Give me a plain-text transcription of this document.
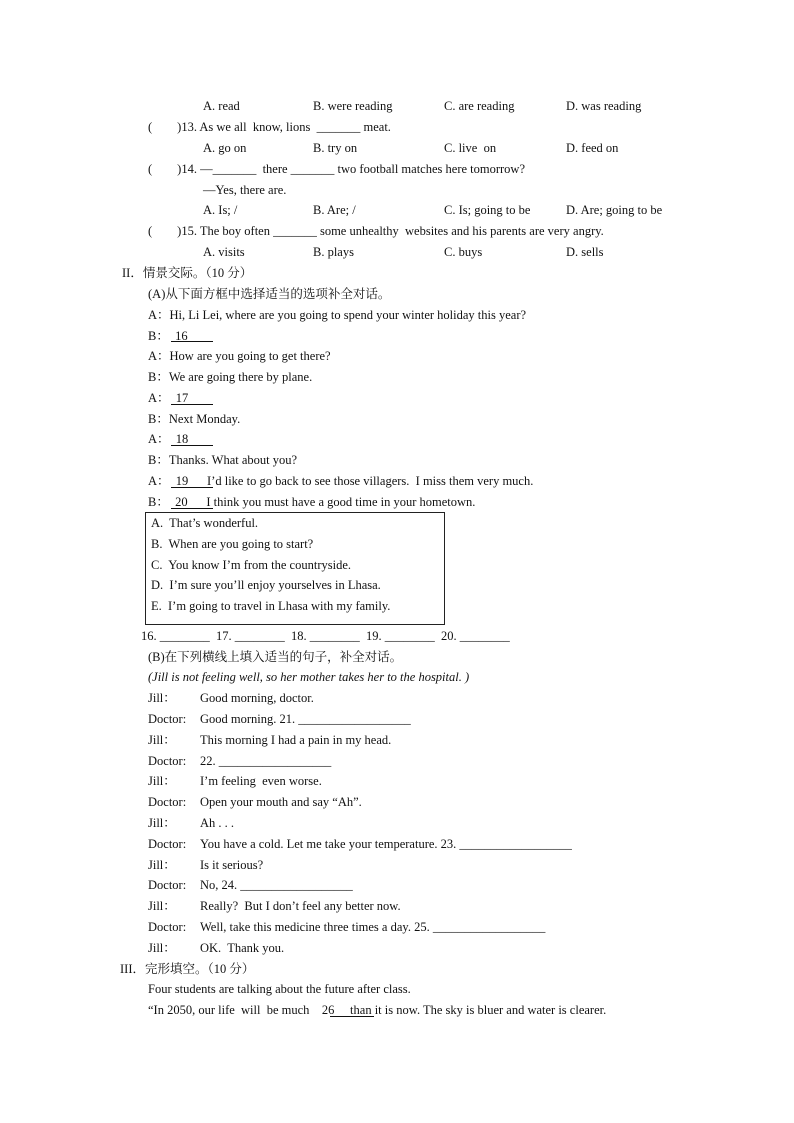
A. read	B. were reading	C. are reading	D. was reading
(        )13. As we all  know, lions  _______ meat.
A. go on	B. try on	C. live  on	D. feed on
(        )14. —_______  there _______ two football matches here tomorrow?
—Yes, there are.
A. Is; /	B. Are; /	C. Is; going to be	D. Are; going to be
(        )15. The boy often _______ some unhealthy  websites and his parents are very angry.
A. visits	B. plays	C. buys	D. sells
II．情景交际。（10 分）
(A)从下面方框中选择适当的选项补全对话。
A：Hi, Li Lei, where are you going to spend your winter holiday this year?
B：  16
A：How are you going to get there?
B：We are going there by plane.
A：  17
B：Next Monday.
A：  18
B：Thanks. What about you?
A：  19      I’d like to go back to see those villagers.  I miss them very much.
B：  20      I think you must have a good time in your hometown.
A.  That’s wonderful.
B.  When are you going to start?
C.  You know I’m from the countryside.
D.  I’m sure you’ll enjoy yourselves in Lhasa.
E.  I’m going to travel in Lhasa with my family.
16. ________  17. ________  18. ________  19. ________  20. ________
(B)在下列横线上填入适当的句子，补全对话。
(Jill is not feeling well, so her mother takes her to the hospital. )
Jill： Good morning, doctor.
Doctor: Good morning. 21. __________________
Jill： This morning I had a pain in my head.
Doctor: 22. __________________
Jill： I’m feeling  even worse.
Doctor: Open your mouth and say “Ah”.
Jill： Ah . . .
Doctor: You have a cold. Let me take your temperature. 23. __________________
Jill： Is it serious?
Doctor: No, 24. __________________
Jill： Really?  But I don’t feel any better now.
Doctor: Well, take this medicine three times a day. 25. __________________
Jill： OK.  Thank you.
III．完形填空。（10 分）
Four students are talking about the future after class.
“In 2050, our life  will  be much    26     than it is now. The sky is bluer and water is clearer.
